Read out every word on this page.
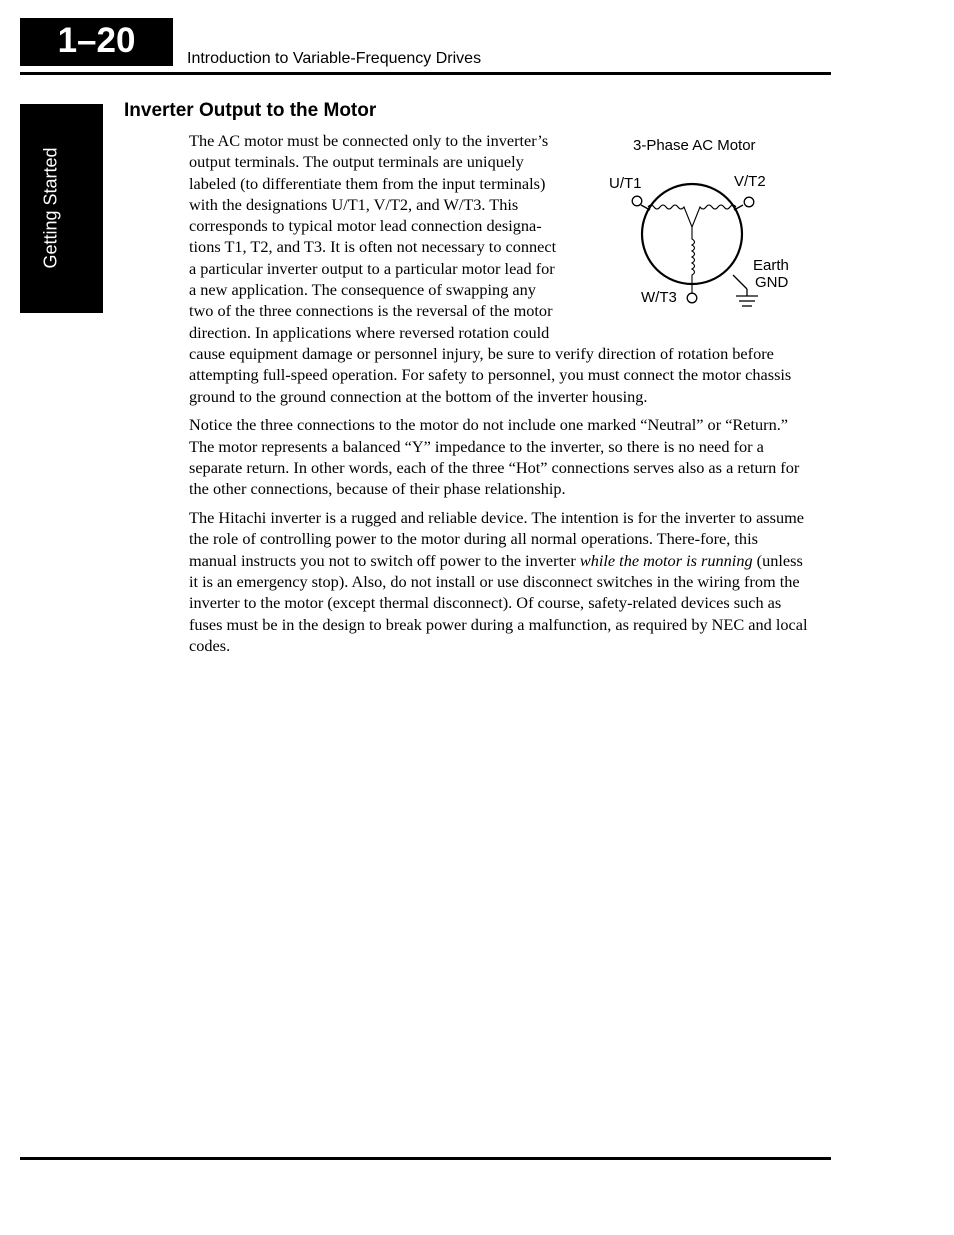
1–20	Introduction to Variable-Frequency Drives
Getting Started
Inverter Output to the Motor
3-Phase AC Motor
U/T1	V/T2
W/T3
Earth
GND

The AC motor must be connected only to the inverter’s
output terminals. The output terminals are uniquely
labeled (to differentiate them from the input terminals)
with the designations U/T1, V/T2, and W/T3. This
corresponds to typical motor lead connection designa-
tions T1, T2, and T3. It is often not necessary to connect
a particular inverter output to a particular motor lead for
a new application. The consequence of swapping any
two of the three connections is the reversal of the motor
direction. In applications where reversed rotation could
cause equipment damage or personnel injury, be sure to verify direction of rotation before attempting full-speed operation. For safety to personnel, you must connect the motor chassis ground to the ground connection at the bottom of the inverter housing.

Notice the three connections to the motor do not include one marked “Neutral” or “Return.” The motor represents a balanced “Y” impedance to the inverter, so there is no need for a separate return. In other words, each of the three “Hot” connections serves also as a return for the other connections, because of their phase relationship.

The Hitachi inverter is a rugged and reliable device. The intention is for the inverter to assume the role of controlling power to the motor during all normal operations. There-fore, this manual instructs you not to switch off power to the inverter while the motor is running (unless it is an emergency stop). Also, do not install or use disconnect switches in the wiring from the inverter to the motor (except thermal disconnect). Of course, safety-related devices such as fuses must be in the design to break power during a malfunction, as required by NEC and local codes.
